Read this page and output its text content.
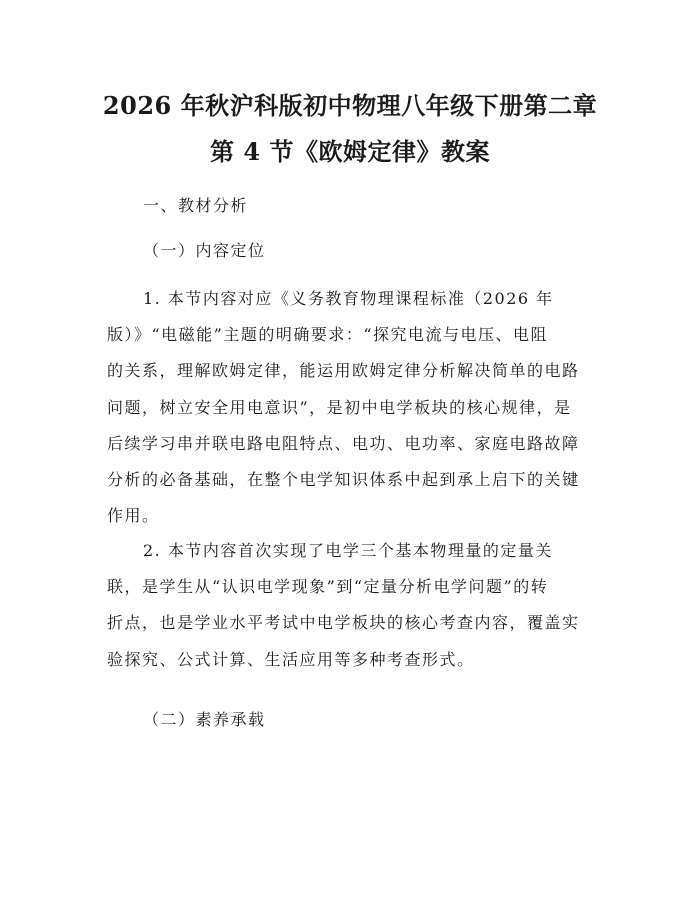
2026 年秋沪科版初中物理八年级下册第二章
第 4 节《欧姆定律》教案
一、教材分析
（一）内容定位
1. 本节内容对应《义务教育物理课程标准（2026 年
版）》“电磁能”主题的明确要求：“探究电流与电压、电阻
的关系，理解欧姆定律，能运用欧姆定律分析解决简单的电路
问题，树立安全用电意识”，是初中电学板块的核心规律，是
后续学习串并联电路电阻特点、电功、电功率、家庭电路故障
分析的必备基础，在整个电学知识体系中起到承上启下的关键
作用。
2. 本节内容首次实现了电学三个基本物理量的定量关
联，是学生从“认识电学现象”到“定量分析电学问题”的转
折点，也是学业水平考试中电学板块的核心考查内容，覆盖实
验探究、公式计算、生活应用等多种考查形式。
（二）素养承载
